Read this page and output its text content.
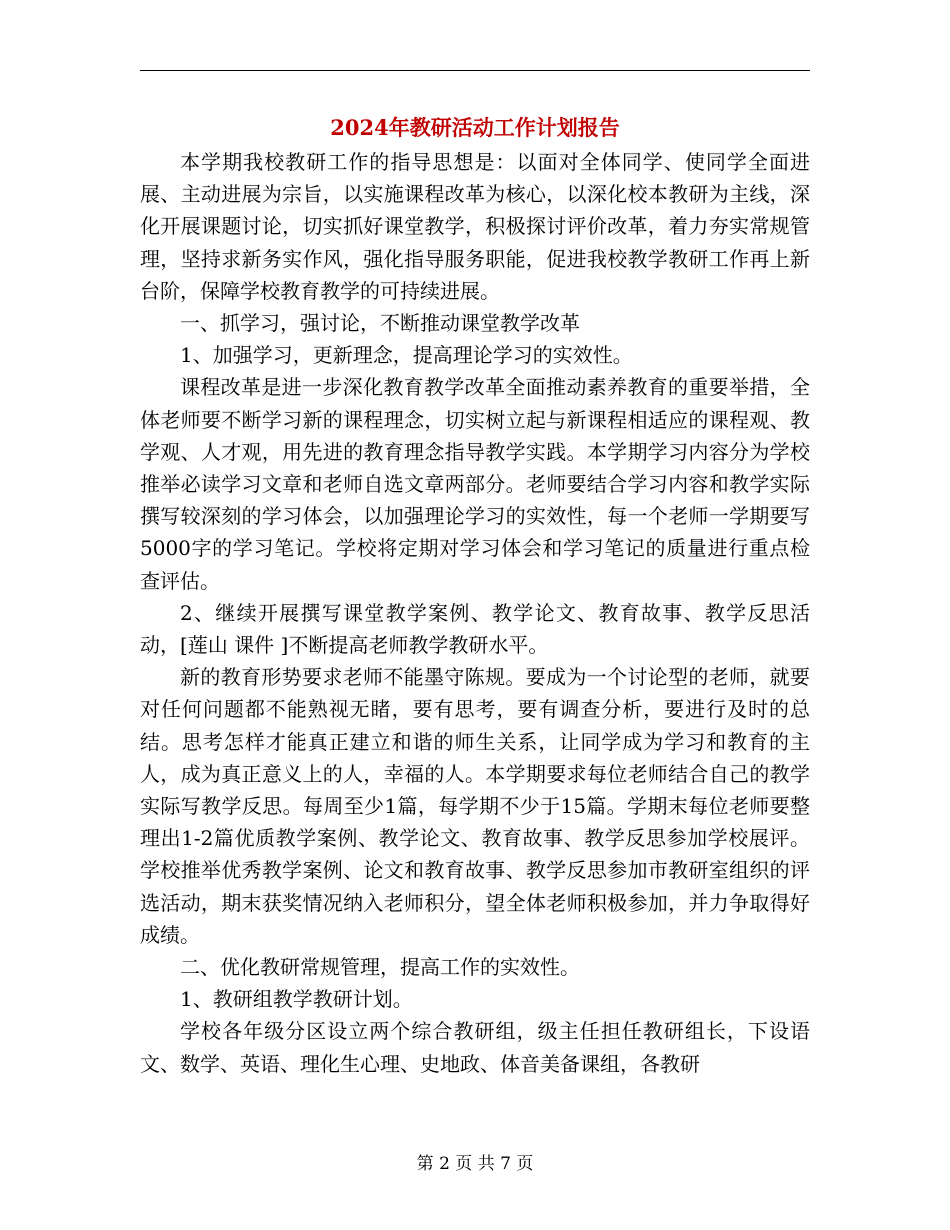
2024年教研活动工作计划报告

本学期我校教研工作的指导思想是：以面对全体同学、使同学全面进展、主动进展为宗旨，以实施课程改革为核心，以深化校本教研为主线，深化开展课题讨论，切实抓好课堂教学，积极探讨评价改革，着力夯实常规管理，坚持求新务实作风，强化指导服务职能，促进我校教学教研工作再上新台阶，保障学校教育教学的可持续进展。

一、抓学习，强讨论，不断推动课堂教学改革

1、加强学习，更新理念，提高理论学习的实效性。

课程改革是进一步深化教育教学改革全面推动素养教育的重要举措，全体老师要不断学习新的课程理念，切实树立起与新课程相适应的课程观、教学观、人才观，用先进的教育理念指导教学实践。本学期学习内容分为学校推举必读学习文章和老师自选文章两部分。老师要结合学习内容和教学实际撰写较深刻的学习体会，以加强理论学习的实效性，每一个老师一学期要写5000字的学习笔记。学校将定期对学习体会和学习笔记的质量进行重点检查评估。

2、继续开展撰写课堂教学案例、教学论文、教育故事、教学反思活动，[莲山 课件 ]不断提高老师教学教研水平。

新的教育形势要求老师不能墨守陈规。要成为一个讨论型的老师，就要对任何问题都不能熟视无睹，要有思考，要有调查分析，要进行及时的总结。思考怎样才能真正建立和谐的师生关系，让同学成为学习和教育的主人，成为真正意义上的人，幸福的人。本学期要求每位老师结合自己的教学实际写教学反思。每周至少1篇，每学期不少于15篇。学期末每位老师要整理出1-2篇优质教学案例、教学论文、教育故事、教学反思参加学校展评。学校推举优秀教学案例、论文和教育故事、教学反思参加市教研室组织的评选活动，期末获奖情况纳入老师积分，望全体老师积极参加，并力争取得好成绩。

二、优化教研常规管理，提高工作的实效性。

1、教研组教学教研计划。

学校各年级分区设立两个综合教研组，级主任担任教研组长，下设语文、数学、英语、理化生心理、史地政、体音美备课组，各教研

第 2 页 共 7 页
